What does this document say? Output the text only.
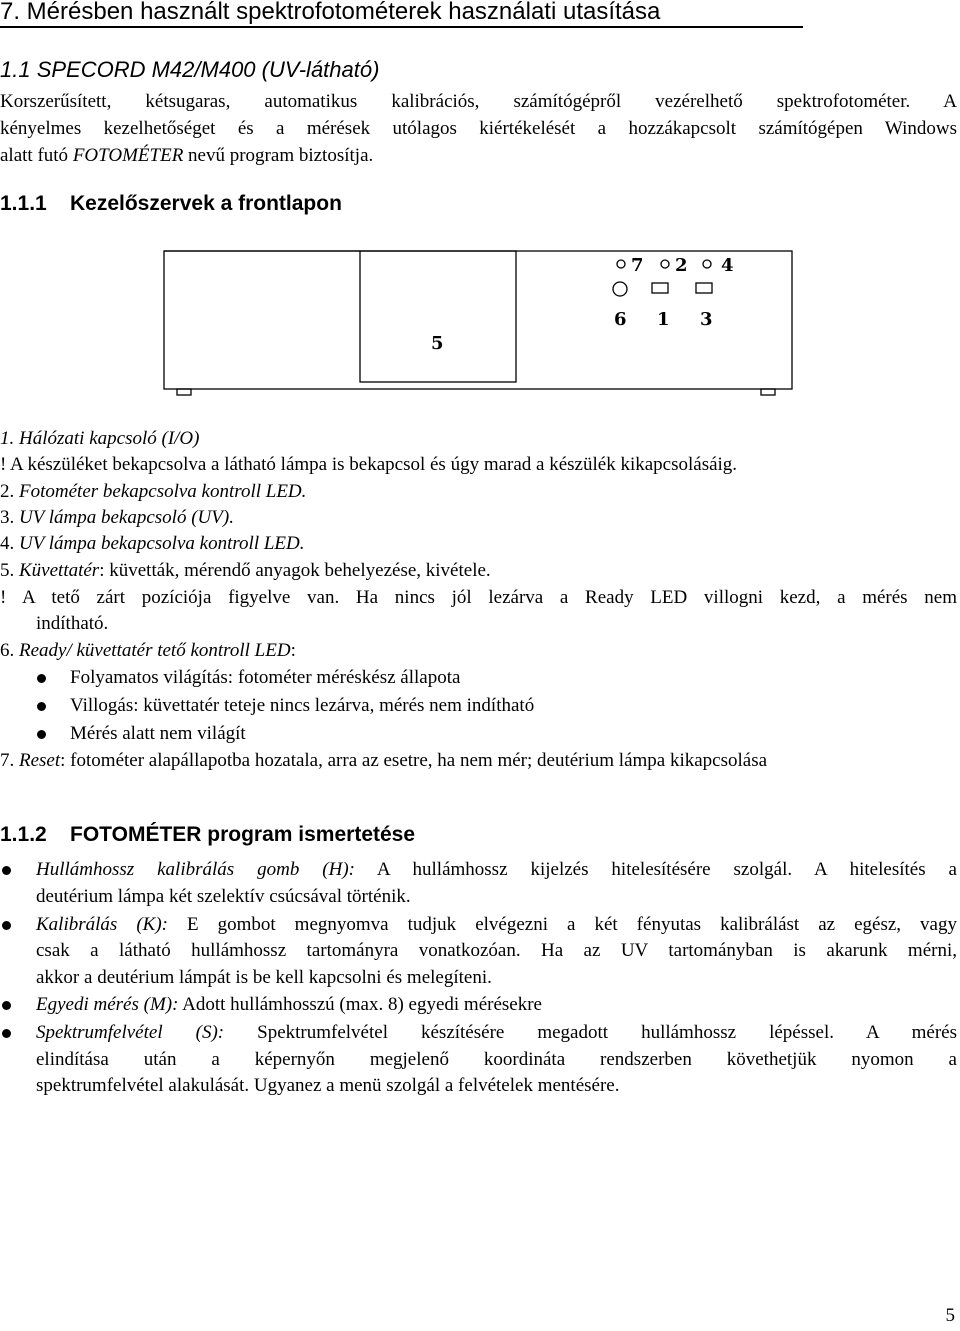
7. Mérésben használt spektrofotométerek használati utasítása
1.1 SPECORD M42/M400 (UV-látható)
Korszerűsített, kétsugaras, automatikus kalibrációs, számítógépről vezérelhető spektrofotométer. A
kényelmes kezelhetőséget és a mérések utólagos kiértékelését a hozzákapcsolt számítógépen Windows
alatt futó FOTOMÉTER nevű program biztosítja.
1.1.1 Kezelőszervek a frontlapon
7 2 4
6 1 3
5
1. Hálózati kapcsoló (I/O)
! A készüléket bekapcsolva a látható lámpa is bekapcsol és úgy marad a készülék kikapcsolásáig.
2. Fotométer bekapcsolva kontroll LED.
3. UV lámpa bekapcsoló (UV).
4. UV lámpa bekapcsolva kontroll LED.
5. Küvettatér: küvetták, mérendő anyagok behelyezése, kivétele.
! A tető zárt pozíciója figyelve van. Ha nincs jól lezárva a Ready LED villogni kezd, a mérés nem
indítható.
6. Ready/ küvettatér tető kontroll LED:
Folyamatos világítás: fotométer méréskész állapota
Villogás: küvettatér teteje nincs lezárva, mérés nem indítható
Mérés alatt nem világít
7. Reset: fotométer alapállapotba hozatala, arra az esetre, ha nem mér; deutérium lámpa kikapcsolása
1.1.2 FOTOMÉTER program ismertetése
Hullámhossz kalibrálás gomb (H): A hullámhossz kijelzés hitelesítésére szolgál. A hitelesítés a
deutérium lámpa két szelektív csúcsával történik.
Kalibrálás (K): E gombot megnyomva tudjuk elvégezni a két fényutas kalibrálást az egész, vagy
csak a látható hullámhossz tartományra vonatkozóan. Ha az UV tartományban is akarunk mérni,
akkor a deutérium lámpát is be kell kapcsolni és melegíteni.
Egyedi mérés (M): Adott hullámhosszú (max. 8) egyedi mérésekre
Spektrumfelvétel (S): Spektrumfelvétel készítésére megadott hullámhossz lépéssel. A mérés
elindítása után a képernyőn megjelenő koordináta rendszerben követhetjük nyomon a
spektrumfelvétel alakulását. Ugyanez a menü szolgál a felvételek mentésére.
5
